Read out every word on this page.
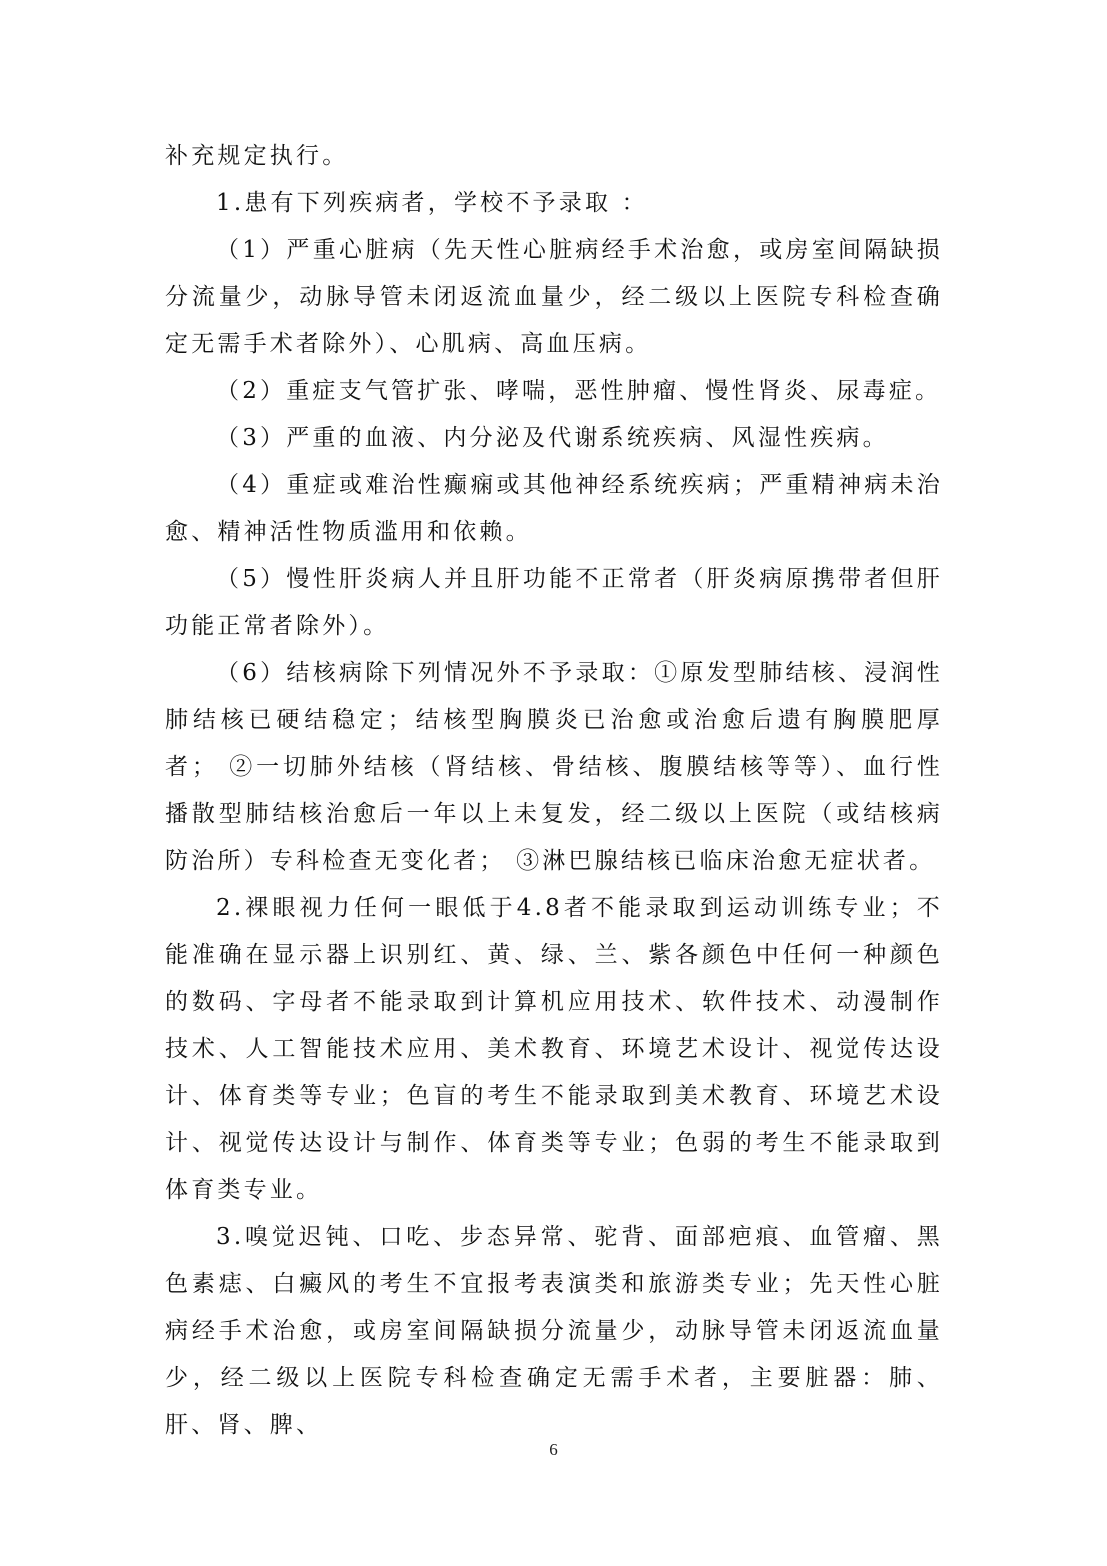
补充规定执行。

1.患有下列疾病者，学校不予录取 ：

（1）严重心脏病（先天性心脏病经手术治愈，或房室间隔缺损分流量少，动脉导管未闭返流血量少，经二级以上医院专科检查确定无需手术者除外）、心肌病、高血压病。

（2）重症支气管扩张、哮喘，恶性肿瘤、慢性肾炎、尿毒症。

（3）严重的血液、内分泌及代谢系统疾病、风湿性疾病。

（4）重症或难治性癫痫或其他神经系统疾病；严重精神病未治愈、精神活性物质滥用和依赖。

（5）慢性肝炎病人并且肝功能不正常者（肝炎病原携带者但肝功能正常者除外）。

（6）结核病除下列情况外不予录取：①原发型肺结核、浸润性肺结核已硬结稳定；结核型胸膜炎已治愈或治愈后遗有胸膜肥厚者； ②一切肺外结核（肾结核、骨结核、腹膜结核等等）、血行性播散型肺结核治愈后一年以上未复发，经二级以上医院（或结核病防治所）专科检查无变化者； ③淋巴腺结核已临床治愈无症状者。

2.裸眼视力任何一眼低于4.8者不能录取到运动训练专业；不能准确在显示器上识别红、黄、绿、兰、紫各颜色中任何一种颜色的数码、字母者不能录取到计算机应用技术、软件技术、动漫制作技术、人工智能技术应用、美术教育、环境艺术设计、视觉传达设计、体育类等专业；色盲的考生不能录取到美术教育、环境艺术设计、视觉传达设计与制作、体育类等专业；色弱的考生不能录取到体育类专业。

3.嗅觉迟钝、口吃、步态异常、驼背、面部疤痕、血管瘤、黑色素痣、白癜风的考生不宜报考表演类和旅游类专业；先天性心脏病经手术治愈，或房室间隔缺损分流量少，动脉导管未闭返流血量少，经二级以上医院专科检查确定无需手术者，主要脏器：肺、肝、肾、脾、

6
